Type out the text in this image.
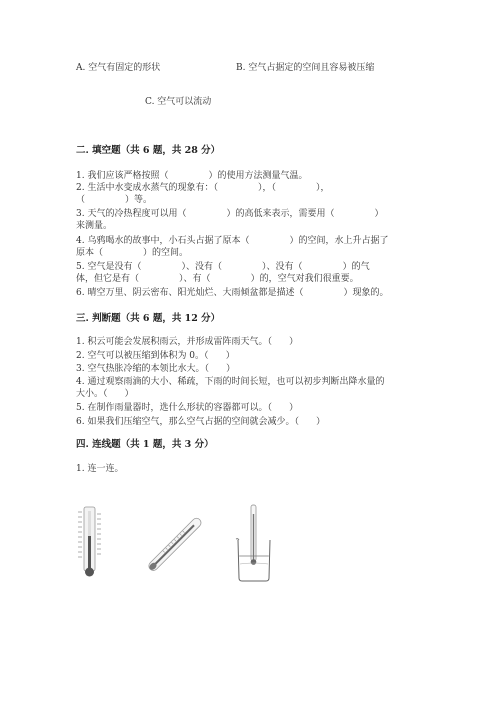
A. 空气有固定的形状	B. 空气占据定的空间且容易被压缩
C. 空气可以流动
二. 填空题（共 6 题，共 28 分）
1. 我们应该严格按照（              ）的使用方法测量气温。
2. 生活中水变成水蒸气的现象有：（              ），（              ），
（              ）等。
3. 天气的冷热程度可以用（              ）的高低来表示，需要用（              ）
来测量。
4. 乌鸦喝水的故事中，小石头占据了原本（              ）的空间，水上升占据了
原本（              ）的空间。
5. 空气是没有（              ）、没有（              ）、没有（              ）的气
体，但它是有（              ）、有（              ）的，空气对我们很重要。
6. 晴空万里、阴云密布、阳光灿烂、大雨倾盆都是描述（              ）现象的。
三. 判断题（共 6 题，共 12 分）
1. 积云可能会发展积雨云，并形成雷阵雨天气。（      ）
2. 空气可以被压缩到体积为 0。（      ）
3. 空气热胀冷缩的本领比水大。（      ）
4. 通过观察雨滴的大小、稀疏，下雨的时间长短，也可以初步判断出降水量的
大小。（      ）
5. 在制作雨量器时，选什么形状的容器都可以。（      ）
6. 如果我们压缩空气，那么空气占据的空间就会减少。（      ）
四. 连线题（共 1 题，共 3 分）
1. 连一连。
